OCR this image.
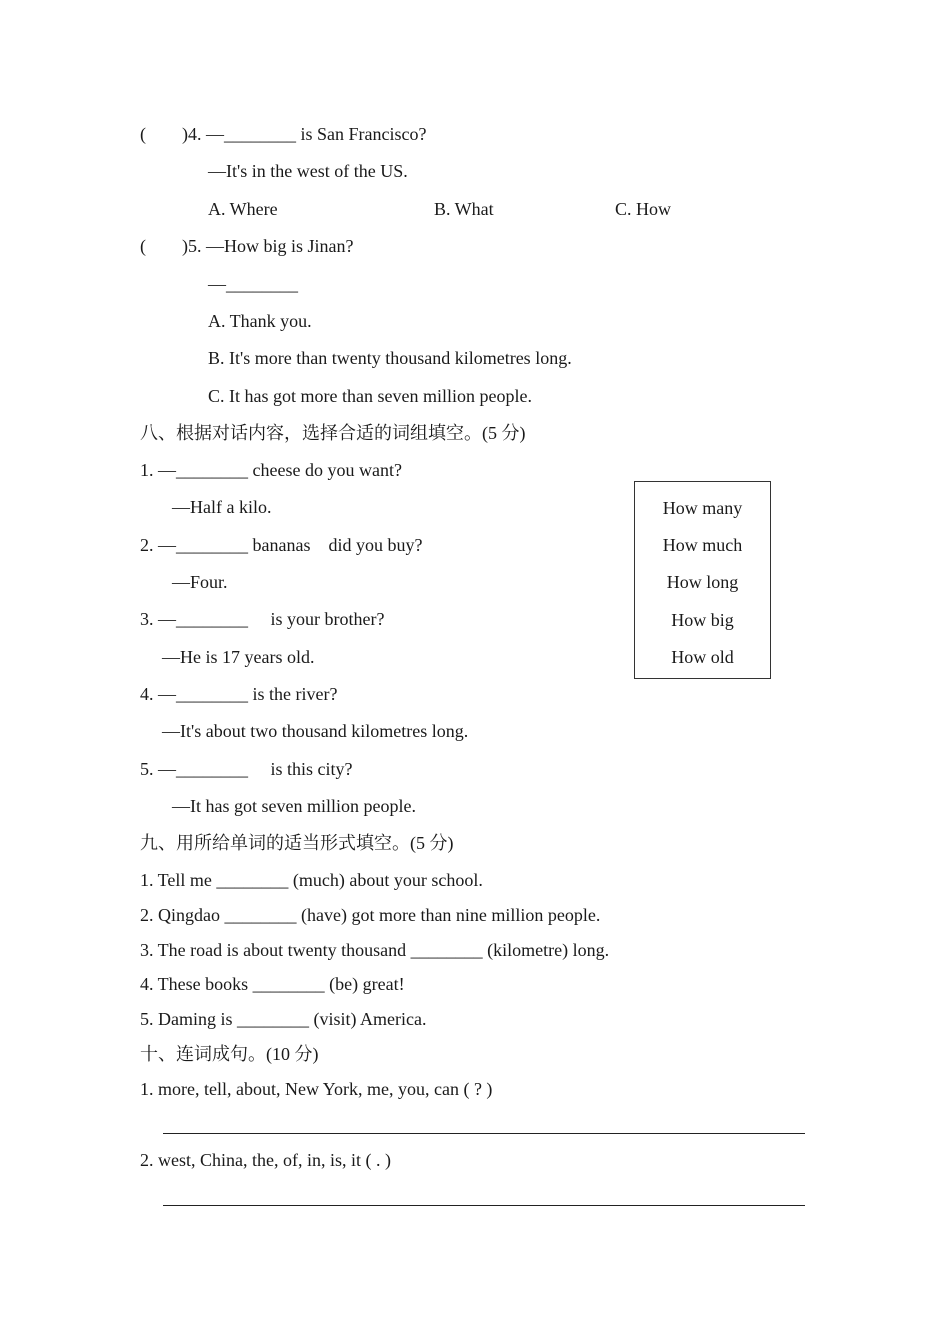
(        )4. —________ is San Francisco?
—It's in the west of the US.
A. Where	B. What	C. How
(        )5. —How big is Jinan?
—________
A. Thank you.
B. It's more than twenty thousand kilometres long.
C. It has got more than seven million people.
八、根据对话内容，选择合适的词组填空。(5 分)
1. —________ cheese do you want?
—Half a kilo.
2. —________ bananas    did you buy?
—Four.
3. —________     is your brother?
—He is 17 years old.
4. —________ is the river?
—It's about two thousand kilometres long.
5. —________     is this city?
—It has got seven million people.
How many
How much
How long
How big
How old
九、用所给单词的适当形式填空。(5 分)
1. Tell me ________ (much) about your school.
2. Qingdao ________ (have) got more than nine million people.
3. The road is about twenty thousand ________ (kilometre) long.
4. These books ________ (be) great!
5. Daming is ________ (visit) America.
十、连词成句。(10 分)
1. more, tell, about, New York, me, you, can ( ? )
2. west, China, the, of, in, is, it ( . )
